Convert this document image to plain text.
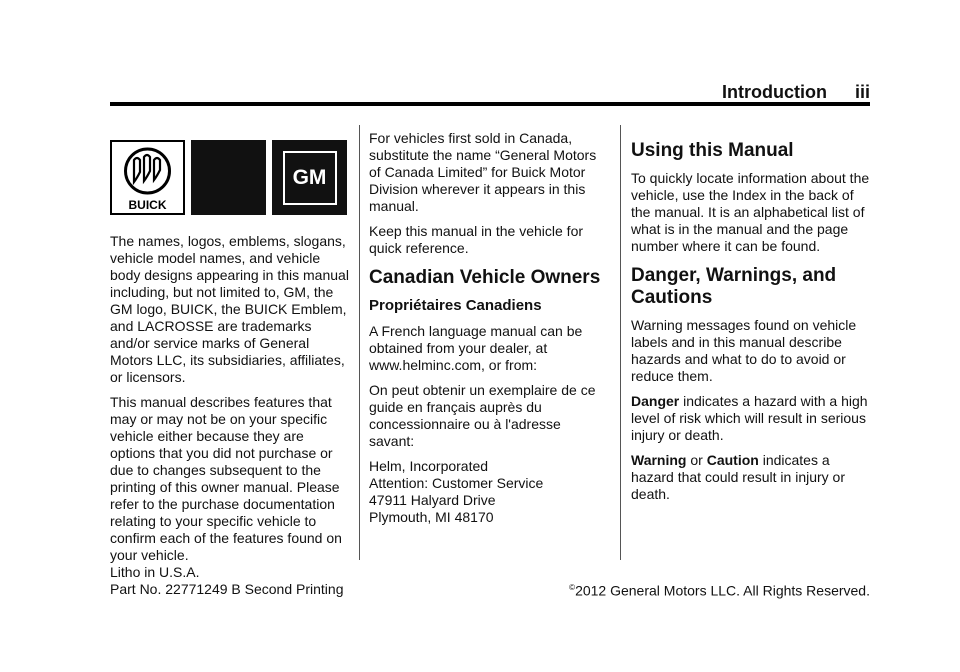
Introduction iii
BUICK
GM

The names, logos, emblems, slogans, vehicle model names, and vehicle body designs appearing in this manual including, but not limited to, GM, the GM logo, BUICK, the BUICK Emblem, and LACROSSE are trademarks and/or service marks of General Motors LLC, its subsidiaries, affiliates, or licensors.

This manual describes features that may or may not be on your specific vehicle either because they are options that you did not purchase or due to changes subsequent to the printing of this owner manual. Please refer to the purchase documentation relating to your specific vehicle to confirm each of the features found on your vehicle.

For vehicles first sold in Canada, substitute the name “General Motors of Canada Limited” for Buick Motor Division wherever it appears in this manual.

Keep this manual in the vehicle for quick reference.

Canadian Vehicle Owners
Propriétaires Canadiens

A French language manual can be obtained from your dealer, at www.helminc.com, or from:

On peut obtenir un exemplaire de ce guide en français auprès du concessionnaire ou à l'adresse savant:

Helm, Incorporated
Attention: Customer Service
47911 Halyard Drive
Plymouth, MI 48170

Using this Manual

To quickly locate information about the vehicle, use the Index in the back of the manual. It is an alphabetical list of what is in the manual and the page number where it can be found.

Danger, Warnings, and Cautions

Warning messages found on vehicle labels and in this manual describe hazards and what to do to avoid or reduce them.

Danger indicates a hazard with a high level of risk which will result in serious injury or death.

Warning or Caution indicates a hazard that could result in injury or death.

Litho in U.S.A.
Part No. 22771249 B Second Printing	©2012 General Motors LLC. All Rights Reserved.
